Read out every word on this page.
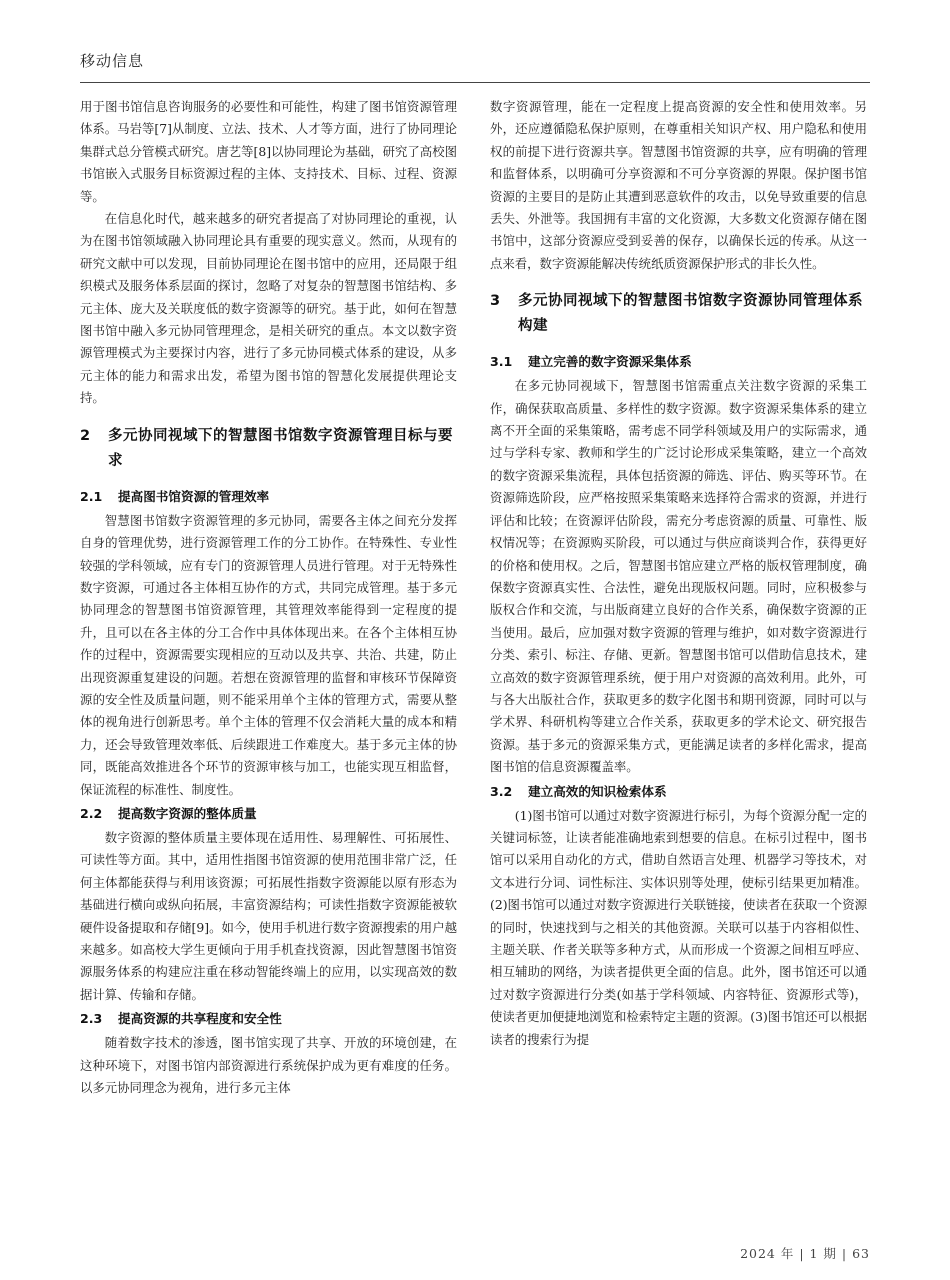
移动信息

用于图书馆信息咨询服务的必要性和可能性，构建了图书馆资源管理体系。马岩等[7]从制度、立法、技术、人才等方面，进行了协同理论集群式总分管模式研究。唐艺等[8]以协同理论为基础，研究了高校图书馆嵌入式服务目标资源过程的主体、支持技术、目标、过程、资源等。

在信息化时代，越来越多的研究者提高了对协同理论的重视，认为在图书馆领域融入协同理论具有重要的现实意义。然而，从现有的研究文献中可以发现，目前协同理论在图书馆中的应用，还局限于组织模式及服务体系层面的探讨，忽略了对复杂的智慧图书馆结构、多元主体、庞大及关联度低的数字资源等的研究。基于此，如何在智慧图书馆中融入多元协同管理理念，是相关研究的重点。本文以数字资源管理模式为主要探讨内容，进行了多元协同模式体系的建设，从多元主体的能力和需求出发，希望为图书馆的智慧化发展提供理论支持。

2	多元协同视域下的智慧图书馆数字资源管理目标与要求
2.1	提高图书馆资源的管理效率

智慧图书馆数字资源管理的多元协同，需要各主体之间充分发挥自身的管理优势，进行资源管理工作的分工协作。在特殊性、专业性较强的学科领域，应有专门的资源管理人员进行管理。对于无特殊性数字资源，可通过各主体相互协作的方式，共同完成管理。基于多元协同理念的智慧图书馆资源管理，其管理效率能得到一定程度的提升，且可以在各主体的分工合作中具体体现出来。在各个主体相互协作的过程中，资源需要实现相应的互动以及共享、共治、共建，防止出现资源重复建设的问题。若想在资源管理的监督和审核环节保障资源的安全性及质量问题，则不能采用单个主体的管理方式，需要从整体的视角进行创新思考。单个主体的管理不仅会消耗大量的成本和精力，还会导致管理效率低、后续跟进工作难度大。基于多元主体的协同，既能高效推进各个环节的资源审核与加工，也能实现互相监督，保证流程的标准性、制度性。

2.2	提高数字资源的整体质量

数字资源的整体质量主要体现在适用性、易理解性、可拓展性、可读性等方面。其中，适用性指图书馆资源的使用范围非常广泛，任何主体都能获得与利用该资源；可拓展性指数字资源能以原有形态为基础进行横向或纵向拓展，丰富资源结构；可读性指数字资源能被软硬件设备提取和存储[9]。如今，使用手机进行数字资源搜索的用户越来越多。如高校大学生更倾向于用手机查找资源，因此智慧图书馆资源服务体系的构建应注重在移动智能终端上的应用，以实现高效的数据计算、传输和存储。

2.3	提高资源的共享程度和安全性

随着数字技术的渗透，图书馆实现了共享、开放的环境创建，在这种环境下，对图书馆内部资源进行系统保护成为更有难度的任务。以多元协同理念为视角，进行多元主体

数字资源管理，能在一定程度上提高资源的安全性和使用效率。另外，还应遵循隐私保护原则，在尊重相关知识产权、用户隐私和使用权的前提下进行资源共享。智慧图书馆资源的共享，应有明确的管理和监督体系，以明确可分享资源和不可分享资源的界限。保护图书馆资源的主要目的是防止其遭到恶意软件的攻击，以免导致重要的信息丢失、外泄等。我国拥有丰富的文化资源，大多数文化资源存储在图书馆中，这部分资源应受到妥善的保存，以确保长远的传承。从这一点来看，数字资源能解决传统纸质资源保护形式的非长久性。

3	多元协同视域下的智慧图书馆数字资源协同管理体系构建
3.1	建立完善的数字资源采集体系

在多元协同视域下，智慧图书馆需重点关注数字资源的采集工作，确保获取高质量、多样性的数字资源。数字资源采集体系的建立离不开全面的采集策略，需考虑不同学科领域及用户的实际需求，通过与学科专家、教师和学生的广泛讨论形成采集策略，建立一个高效的数字资源采集流程，具体包括资源的筛选、评估、购买等环节。在资源筛选阶段，应严格按照采集策略来选择符合需求的资源，并进行评估和比较；在资源评估阶段，需充分考虑资源的质量、可靠性、版权情况等；在资源购买阶段，可以通过与供应商谈判合作，获得更好的价格和使用权。之后，智慧图书馆应建立严格的版权管理制度，确保数字资源真实性、合法性，避免出现版权问题。同时，应积极参与版权合作和交流，与出版商建立良好的合作关系，确保数字资源的正当使用。最后，应加强对数字资源的管理与维护，如对数字资源进行分类、索引、标注、存储、更新。智慧图书馆可以借助信息技术，建立高效的数字资源管理系统，便于用户对资源的高效利用。此外，可与各大出版社合作，获取更多的数字化图书和期刊资源，同时可以与学术界、科研机构等建立合作关系，获取更多的学术论文、研究报告资源。基于多元的资源采集方式，更能满足读者的多样化需求，提高图书馆的信息资源覆盖率。

3.2	建立高效的知识检索体系

(1)图书馆可以通过对数字资源进行标引，为每个资源分配一定的关键词标签，让读者能准确地索到想要的信息。在标引过程中，图书馆可以采用自动化的方式，借助自然语言处理、机器学习等技术，对文本进行分词、词性标注、实体识别等处理，使标引结果更加精准。(2)图书馆可以通过对数字资源进行关联链接，使读者在获取一个资源的同时，快速找到与之相关的其他资源。关联可以基于内容相似性、主题关联、作者关联等多种方式，从而形成一个资源之间相互呼应、相互辅助的网络，为读者提供更全面的信息。此外，图书馆还可以通过对数字资源进行分类(如基于学科领域、内容特征、资源形式等)，使读者更加便捷地浏览和检索特定主题的资源。(3)图书馆还可以根据读者的搜索行为提

2024 年 | 1 期 | 63
